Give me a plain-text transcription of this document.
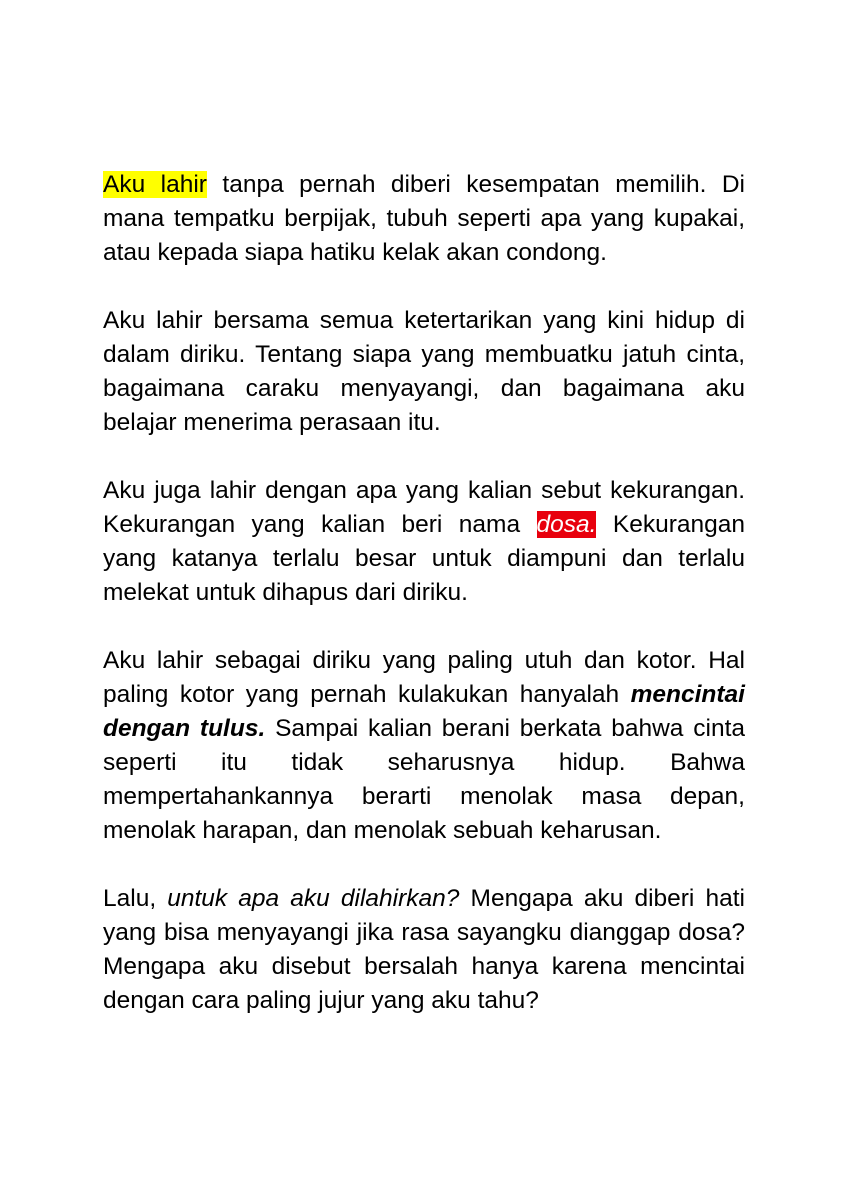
Aku lahir tanpa pernah diberi kesempatan memilih. Di mana tempatku berpijak, tubuh seperti apa yang kupakai, atau kepada siapa hatiku kelak akan condong.

Aku lahir bersama semua ketertarikan yang kini hidup di dalam diriku. Tentang siapa yang membuatku jatuh cinta, bagaimana caraku menyayangi, dan bagaimana aku belajar menerima perasaan itu.

Aku juga lahir dengan apa yang kalian sebut kekurangan. Kekurangan yang kalian beri nama dosa. Kekurangan yang katanya terlalu besar untuk diampuni dan terlalu melekat untuk dihapus dari diriku.

Aku lahir sebagai diriku yang paling utuh dan kotor. Hal paling kotor yang pernah kulakukan hanyalah mencintai dengan tulus. Sampai kalian berani berkata bahwa cinta seperti itu tidak seharusnya hidup. Bahwa mempertahankannya berarti menolak masa depan, menolak harapan, dan menolak sebuah keharusan.

Lalu, untuk apa aku dilahirkan? Mengapa aku diberi hati yang bisa menyayangi jika rasa sayangku dianggap dosa? Mengapa aku disebut bersalah hanya karena mencintai dengan cara paling jujur yang aku tahu?
